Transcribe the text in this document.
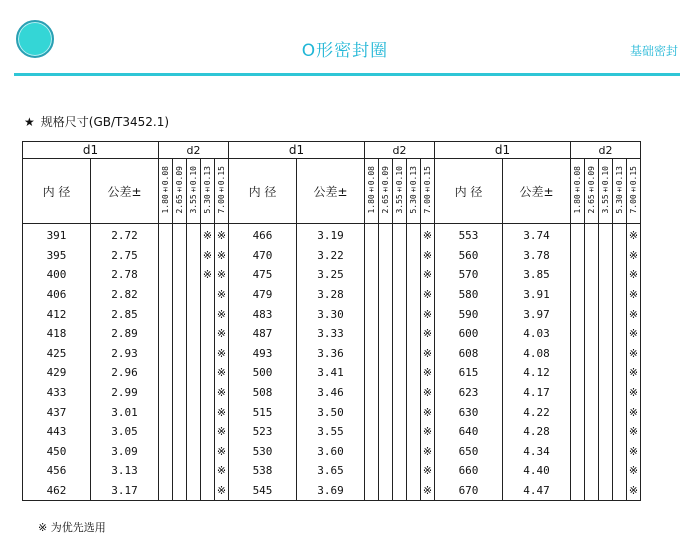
O形密封圈	基础密封
★ 规格尺寸(GB/T3452.1)
d1		d2					d1		d2					d1		d2				
内 径	公差±	1.80±0.08	2.65±0.09	3.55±0.10	5.30±0.13	7.00±0.15	内 径	公差±	1.80±0.08	2.65±0.09	3.55±0.10	5.30±0.13	7.00±0.15	内 径	公差±	1.80±0.08	2.65±0.09	3.55±0.10	5.30±0.13	7.00±0.15
391	2.72				※	※	466	3.19					※	553	3.74					※
395	2.75				※	※	470	3.22					※	560	3.78					※
400	2.78				※	※	475	3.25					※	570	3.85					※
406	2.82					※	479	3.28					※	580	3.91					※
412	2.85					※	483	3.30					※	590	3.97					※
418	2.89					※	487	3.33					※	600	4.03					※
425	2.93					※	493	3.36					※	608	4.08					※
429	2.96					※	500	3.41					※	615	4.12					※
433	2.99					※	508	3.46					※	623	4.17					※
437	3.01					※	515	3.50					※	630	4.22					※
443	3.05					※	523	3.55					※	640	4.28					※
450	3.09					※	530	3.60					※	650	4.34					※
456	3.13					※	538	3.65					※	660	4.40					※
462	3.17					※	545	3.69					※	670	4.47					※
※ 为优先选用
